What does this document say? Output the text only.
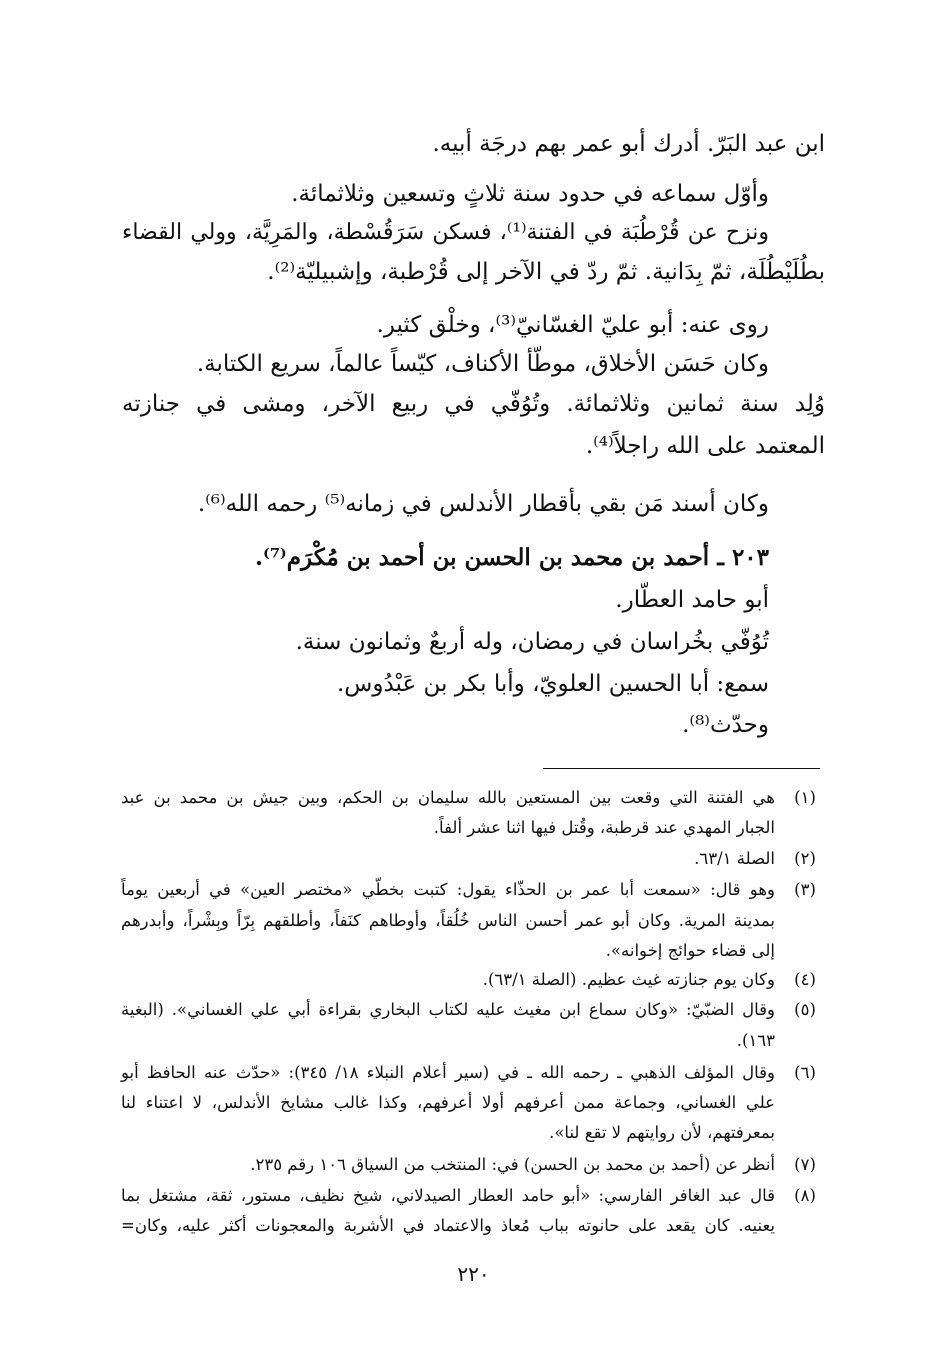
ابن عبد البَرّ. أدرك أبو عمر بهم درجَة أبيه.
وأوّل سماعه في حدود سنة ثلاثٍ وتسعين وثلاثمائة.
ونزح عن قُرْطُبَة في الفتنة⁽¹⁾، فسكن سَرَقُسْطة، والمَرِيَّة، وولي القضاء
بطُلَيْطُلَة، ثمّ بِدَانية. ثمّ ردّ في الآخر إلى قُرْطبة، وإشبيليّة⁽²⁾.
روى عنه: أبو عليّ الغسّانيّ⁽³⁾، وخلْق كثير.
وكان حَسَن الأخلاق، موطّأ الأكناف، كيّساً عالماً، سريع الكتابة.
وُلِد سنة ثمانين وثلاثمائة. وتُوُفّي في ربيع الآخر، ومشى في جنازته
المعتمد على الله راجلاً⁽⁴⁾.
وكان أسند مَن بقي بأقطار الأندلس في زمانه⁽⁵⁾ رحمه الله⁽⁶⁾.
٢٠٣ ـ أحمد بن محمد بن الحسن بن أحمد بن مُكْرَم⁽⁷⁾.
أبو حامد العطّار.
تُوُفّي بخُراسان في رمضان، وله أربعٌ وثمانون سنة.
سمع: أبا الحسين العلويّ، وأبا بكر بن عَبْدُوس.
وحدّث⁽⁸⁾.
(١)
هي الفتنة التي وقعت بين المستعين بالله سليمان بن الحكم، وبين جيش بن محمد بن عبد
الجبار المهدي عند قرطبة، وقُتل فيها اثنا عشر ألفاً.
(٢)
الصلة ٦٣/١.
(٣)
وهو قال: «سمعت أبا عمر بن الحذّاء يقول: كتبت بخطّي «مختصر العين» في أربعين يوماً
بمدينة المرية. وكان أبو عمر أحسن الناس خُلُقاً، وأوطاهم كنَفاً، وأطلقهم بِرّاً وبِشْراً، وأبدرهم
إلى قضاء حوائج إخوانه».
(٤)
وكان يوم جنازته غيث عظيم. (الصلة ٦٣/١).
(٥)
وقال الضبّيّ: «وكان سماع ابن مغيث عليه لكتاب البخاري بقراءة أبي علي الغساني». (البغية
١٦٣).
(٦)
وقال المؤلف الذهبي ـ رحمه الله ـ في (سير أعلام النبلاء ١٨/ ٣٤٥): «حدّث عنه الحافظ أبو
علي الغساني، وجماعة ممن أعرفهم أولا أعرفهم، وكذا غالب مشايخ الأندلس، لا اعتناء لنا
بمعرفتهم، لأن روايتهم لا تقع لنا».
(٧)
أنظر عن (أحمد بن محمد بن الحسن) في: المنتخب من السياق ١٠٦ رقم ٢٣٥.
(٨)
قال عبد الغافر الفارسي: «أبو حامد العطار الصيدلاني، شيخ نظيف، مستور، ثقة، مشتغل بما
يعنيه. كان يقعد على حانوته بباب مُعاذ والاعتماد في الأشربة والمعجونات أكثر عليه، وكان=
٢٢٠
